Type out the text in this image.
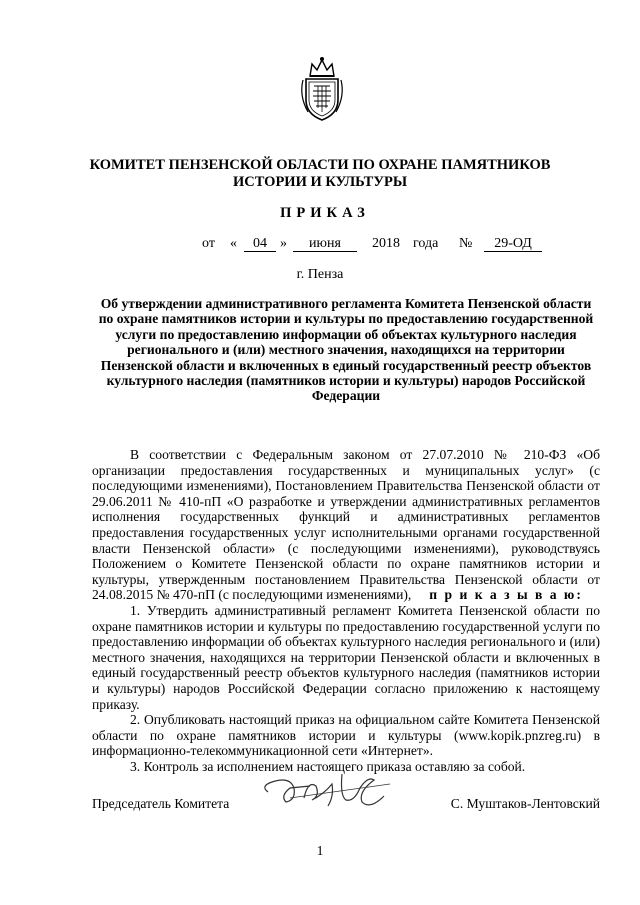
КОМИТЕТ ПЕНЗЕНСКОЙ ОБЛАСТИ ПО ОХРАНЕ ПАМЯТНИКОВ
ИСТОРИИ И КУЛЬТУРЫ
ПРИКАЗ
от «	04 »	июня	2018 года №	29-ОД
г. Пенза
Об утверждении административного регламента Комитета Пензенской области по охране памятников истории и культуры по предоставлению государственной услуги по предоставлению информации об объектах культурного наследия регионального и (или) местного значения, находящихся на территории Пензенской области и включенных в единый государственный реестр объектов культурного наследия (памятников истории и культуры) народов Российской Федерации

В соответствии с Федеральным законом от 27.07.2010 № 210-ФЗ «Об организации предоставления государственных и муниципальных услуг» (с последующими изменениями), Постановлением Правительства Пензенской области от 29.06.2011 № 410-пП «О разработке и утверждении административных регламентов исполнения государственных функций и административных регламентов предоставления государственных услуг исполнительными органами государственной власти Пензенской области» (с последующими изменениями), руководствуясь Положением о Комитете Пензенской области по охране памятников истории и культуры, утвержденным постановлением Правительства Пензенской области от 24.08.2015 № 470-пП (с последующими изменениями), п р и к а з ы в а ю:

1. Утвердить административный регламент Комитета Пензенской области по охране памятников истории и культуры по предоставлению государственной услуги по предоставлению информации об объектах культурного наследия регионального и (или) местного значения, находящихся на территории Пензенской области и включенных в единый государственный реестр объектов культурного наследия (памятников истории и культуры) народов Российской Федерации согласно приложению к настоящему приказу.

2. Опубликовать настоящий приказ на официальном сайте Комитета Пензенской области по охране памятников истории и культуры (www.kopik.pnzreg.ru) в информационно-телекоммуникационной сети «Интернет».

3. Контроль за исполнением настоящего приказа оставляю за собой.

Председатель Комитета	С. Муштаков-Лентовский
1
